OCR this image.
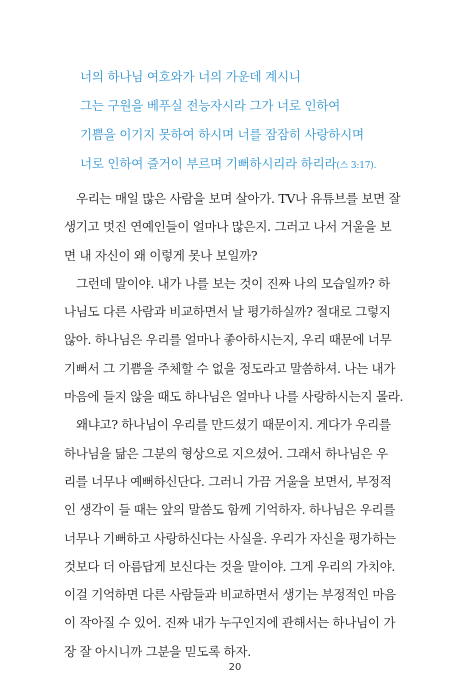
너의 하나님 여호와가 너의 가운데 계시니
그는 구원을 베푸실 전능자시라 그가 너로 인하여
기쁨을 이기지 못하여 하시며 너를 잠잠히 사랑하시며
너로 인하여 즐거이 부르며 기뻐하시리라 하리라(스 3:17).

우리는 매일 많은 사람을 보며 살아가. TV나 유튜브를 보면 잘
생기고 멋진 연예인들이 얼마나 많은지. 그러고 나서 거울을 보
면 내 자신이 왜 이렇게 못나 보일까?

그런데 말이야. 내가 나를 보는 것이 진짜 나의 모습일까? 하
나님도 다른 사람과 비교하면서 날 평가하실까? 절대로 그렇지
않아. 하나님은 우리를 얼마나 좋아하시는지, 우리 때문에 너무
기뻐서 그 기쁨을 주체할 수 없을 정도라고 말씀하셔. 나는 내가
마음에 들지 않을 때도 하나님은 얼마나 나를 사랑하시는지 몰라.

왜냐고? 하나님이 우리를 만드셨기 때문이지. 게다가 우리를
하나님을 닮은 그분의 형상으로 지으셨어. 그래서 하나님은 우
리를 너무나 예뻐하신단다. 그러니 가끔 거울을 보면서, 부정적
인 생각이 들 때는 앞의 말씀도 함께 기억하자. 하나님은 우리를
너무나 기뻐하고 사랑하신다는 사실을. 우리가 자신을 평가하는
것보다 더 아름답게 보신다는 것을 말이야. 그게 우리의 가치야.
이걸 기억하면 다른 사람들과 비교하면서 생기는 부정적인 마음
이 작아질 수 있어. 진짜 내가 누구인지에 관해서는 하나님이 가
장 잘 아시니까 그분을 믿도록 하자.

20
